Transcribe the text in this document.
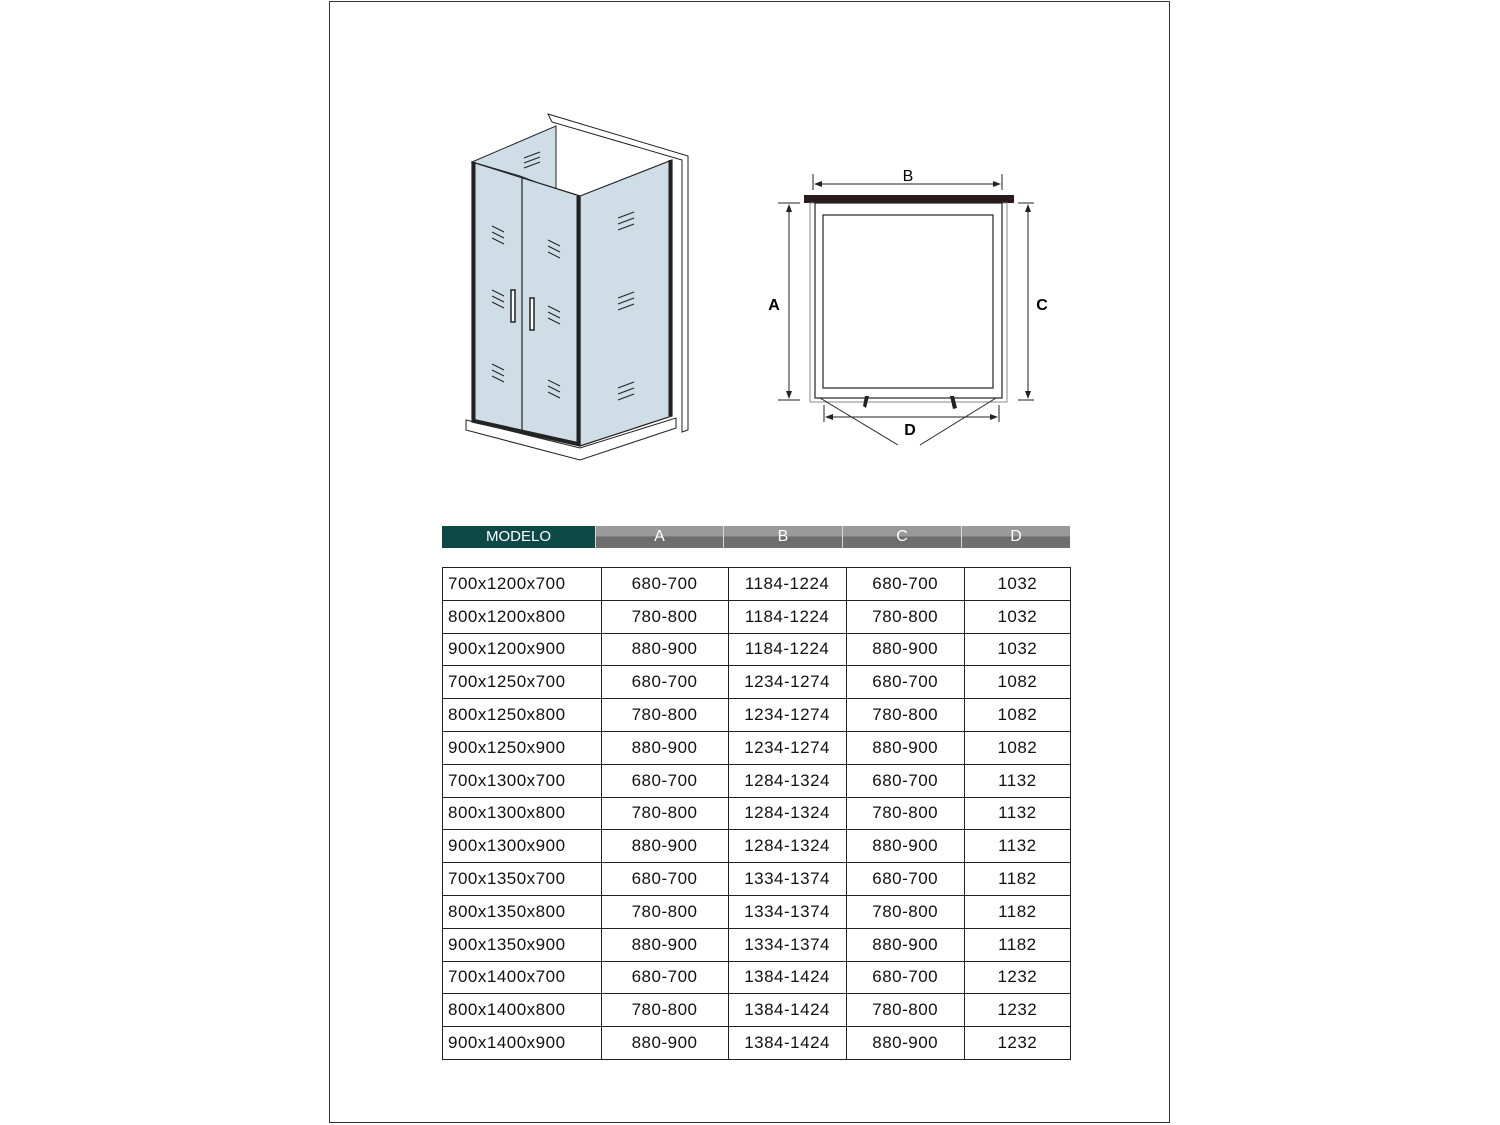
B
A	C
D
MODELO	A	B	C	D
700x1200x700	680-700	1184-1224	680-700	1032
800x1200x800	780-800	1184-1224	780-800	1032
900x1200x900	880-900	1184-1224	880-900	1032
700x1250x700	680-700	1234-1274	680-700	1082
800x1250x800	780-800	1234-1274	780-800	1082
900x1250x900	880-900	1234-1274	880-900	1082
700x1300x700	680-700	1284-1324	680-700	1132
800x1300x800	780-800	1284-1324	780-800	1132
900x1300x900	880-900	1284-1324	880-900	1132
700x1350x700	680-700	1334-1374	680-700	1182
800x1350x800	780-800	1334-1374	780-800	1182
900x1350x900	880-900	1334-1374	880-900	1182
700x1400x700	680-700	1384-1424	680-700	1232
800x1400x800	780-800	1384-1424	780-800	1232
900x1400x900	880-900	1384-1424	880-900	1232
